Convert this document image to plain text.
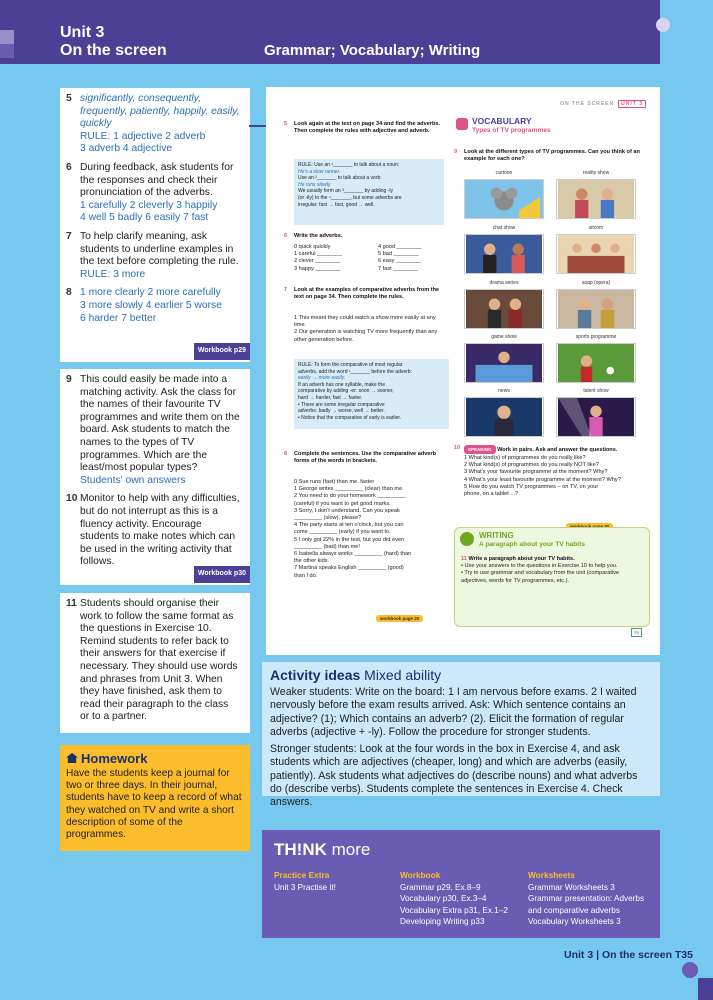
Unit 3
On the screen	Grammar; Vocabulary; Writing
5 significantly, consequently, frequently, patiently, happily, easily, quickly
RULE: 1 adjective 2 adverb
3 adverb 4 adjective
6 During feedback, ask students for the responses and check their pronunciation of the adverbs.
1 carefully 2 cleverly 3 happily
4 well 5 badly 6 easily 7 fast
7 To help clarify meaning, ask students to underline examples in the text before completing the rule.
RULE: 3 more
8 1 more clearly 2 more carefully
3 more slowly 4 earlier 5 worse
6 harder 7 better
Workbook p29
9 This could easily be made into a matching activity. Ask the class for the names of their favourite TV programmes and write them on the board. Ask students to match the names to the types of TV programmes. Which are the least/most popular types?
Students' own answers
10 Monitor to help with any difficulties, but do not interrupt as this is a fluency activity. Encourage students to make notes which can be used in the writing activity that follows.
Workbook p30
11 Students should organise their work to follow the same format as the questions in Exercise 10. Remind students to refer back to their answers for that exercise if necessary. They should use words and phrases from Unit 3. When they have finished, ask them to read their paragraph to the class or to a partner.
Homework
Have the students keep a journal for two or three days. In their journal, students have to keep a record of what they watched on TV and write a short description of some of the programmes.
ON THE SCREEN UNIT 3
5 Look again at the text on page 34 and find the adverbs. Then complete the rules with adjective and adverb.
RULE: Use an ¹_______ to talk about a noun:
He's a slow runner.
Use an ²_______ to talk about a verb:
He runs slowly.
We usually form an ³_______ by adding -ly
(or -ily) to the ⁴_______, but some adverbs are
irregular: fast → fast, good → well.
6 Write the adverbs.
0 quick quickly
1 careful ________
2 clever ________
3 happy ________
4 good ________
5 bad ________
6 easy ________
7 fast ________
7 Look at the examples of comparative adverbs from the text on page 34. Then complete the rules.
1 This meant they could watch a show more easily at any time.
2 Our generation is watching TV more frequently than any other generation before.
RULE: To form the comparative of most regular
adverbs, add the word ¹_______ before the adverb:
easily → more easily.
If an adverb has one syllable, make the
comparative by adding -er: soon → sooner,
hard → harder, fast → faster.
• There are some irregular comparative
adverbs: badly → worse, well → better.
• Notice that the comparative of early is earlier.
8 Complete the sentences. Use the comparative adverb forms of the words in brackets.
0 Sue runs (fast) than me. faster
1 George writes _________ (clear) than me.
2 You need to do your homework _________
(careful) if you want to get good marks.
3 Sorry, I don't understand. Can you speak
_________ (slow), please?
4 The party starts at ten o'clock, but you can
come _________ (early) if you want to.
5 I only got 22% in the test, but you did even
_________ (bad) than me!
6 Isabella always works _________ (hard) than
the other kids.
7 Martina speaks English _________ (good)
than I do.
workbook page 29
VOCABULARY
Types of TV programmes
9 Look at the different types of TV programmes. Can you think of an example for each one?
cartoon	reality show
chat show	sitcom
drama series	soap (opera)
game show	sports programme
news	talent show
10 SPEAKING Work in pairs. Ask and answer the questions.
1 What kind(s) of programmes do you really like?
2 What kind(s) of programmes do you really NOT like?
3 What's your favourite programme at the moment? Why?
4 What's your least favourite programme at the moment? Why?
5 How do you watch TV programmes – on TV, on your
phone, on a tablet ...?
WRITING
A paragraph about your TV habits
11 Write a paragraph about your TV habits.
• Use your answers to the questions in Exercise 10 to help you.
• Try to use grammar and vocabulary from the unit (comparative adjectives, words for TV programmes, etc.).
35
Activity ideas Mixed ability
Weaker students: Write on the board: 1 I am nervous before exams. 2 I waited nervously before the exam results arrived. Ask: Which sentence contains an adjective? (1); Which contains an adverb? (2). Elicit the formation of regular adverbs (adjective + -ly). Follow the procedure for stronger students.
Stronger students: Look at the four words in the box in Exercise 4, and ask students which are adjectives (cheaper, long) and which are adverbs (easily, patiently). Ask students what adjectives do (describe nouns) and what adverbs do (describe verbs). Students complete the sentences in Exercise 4. Check answers.
TH!NK more
Practice Extra
Unit 3 Practise it!
Workbook
Grammar p29, Ex.8–9
Vocabulary p30, Ex.3–4
Vocabulary Extra p31, Ex.1–2
Developing Writing p33
Worksheets
Grammar Worksheets 3
Grammar presentation: Adverbs
and comparative adverbs
Vocabulary Worksheets 3
Unit 3 | On the screen T35
